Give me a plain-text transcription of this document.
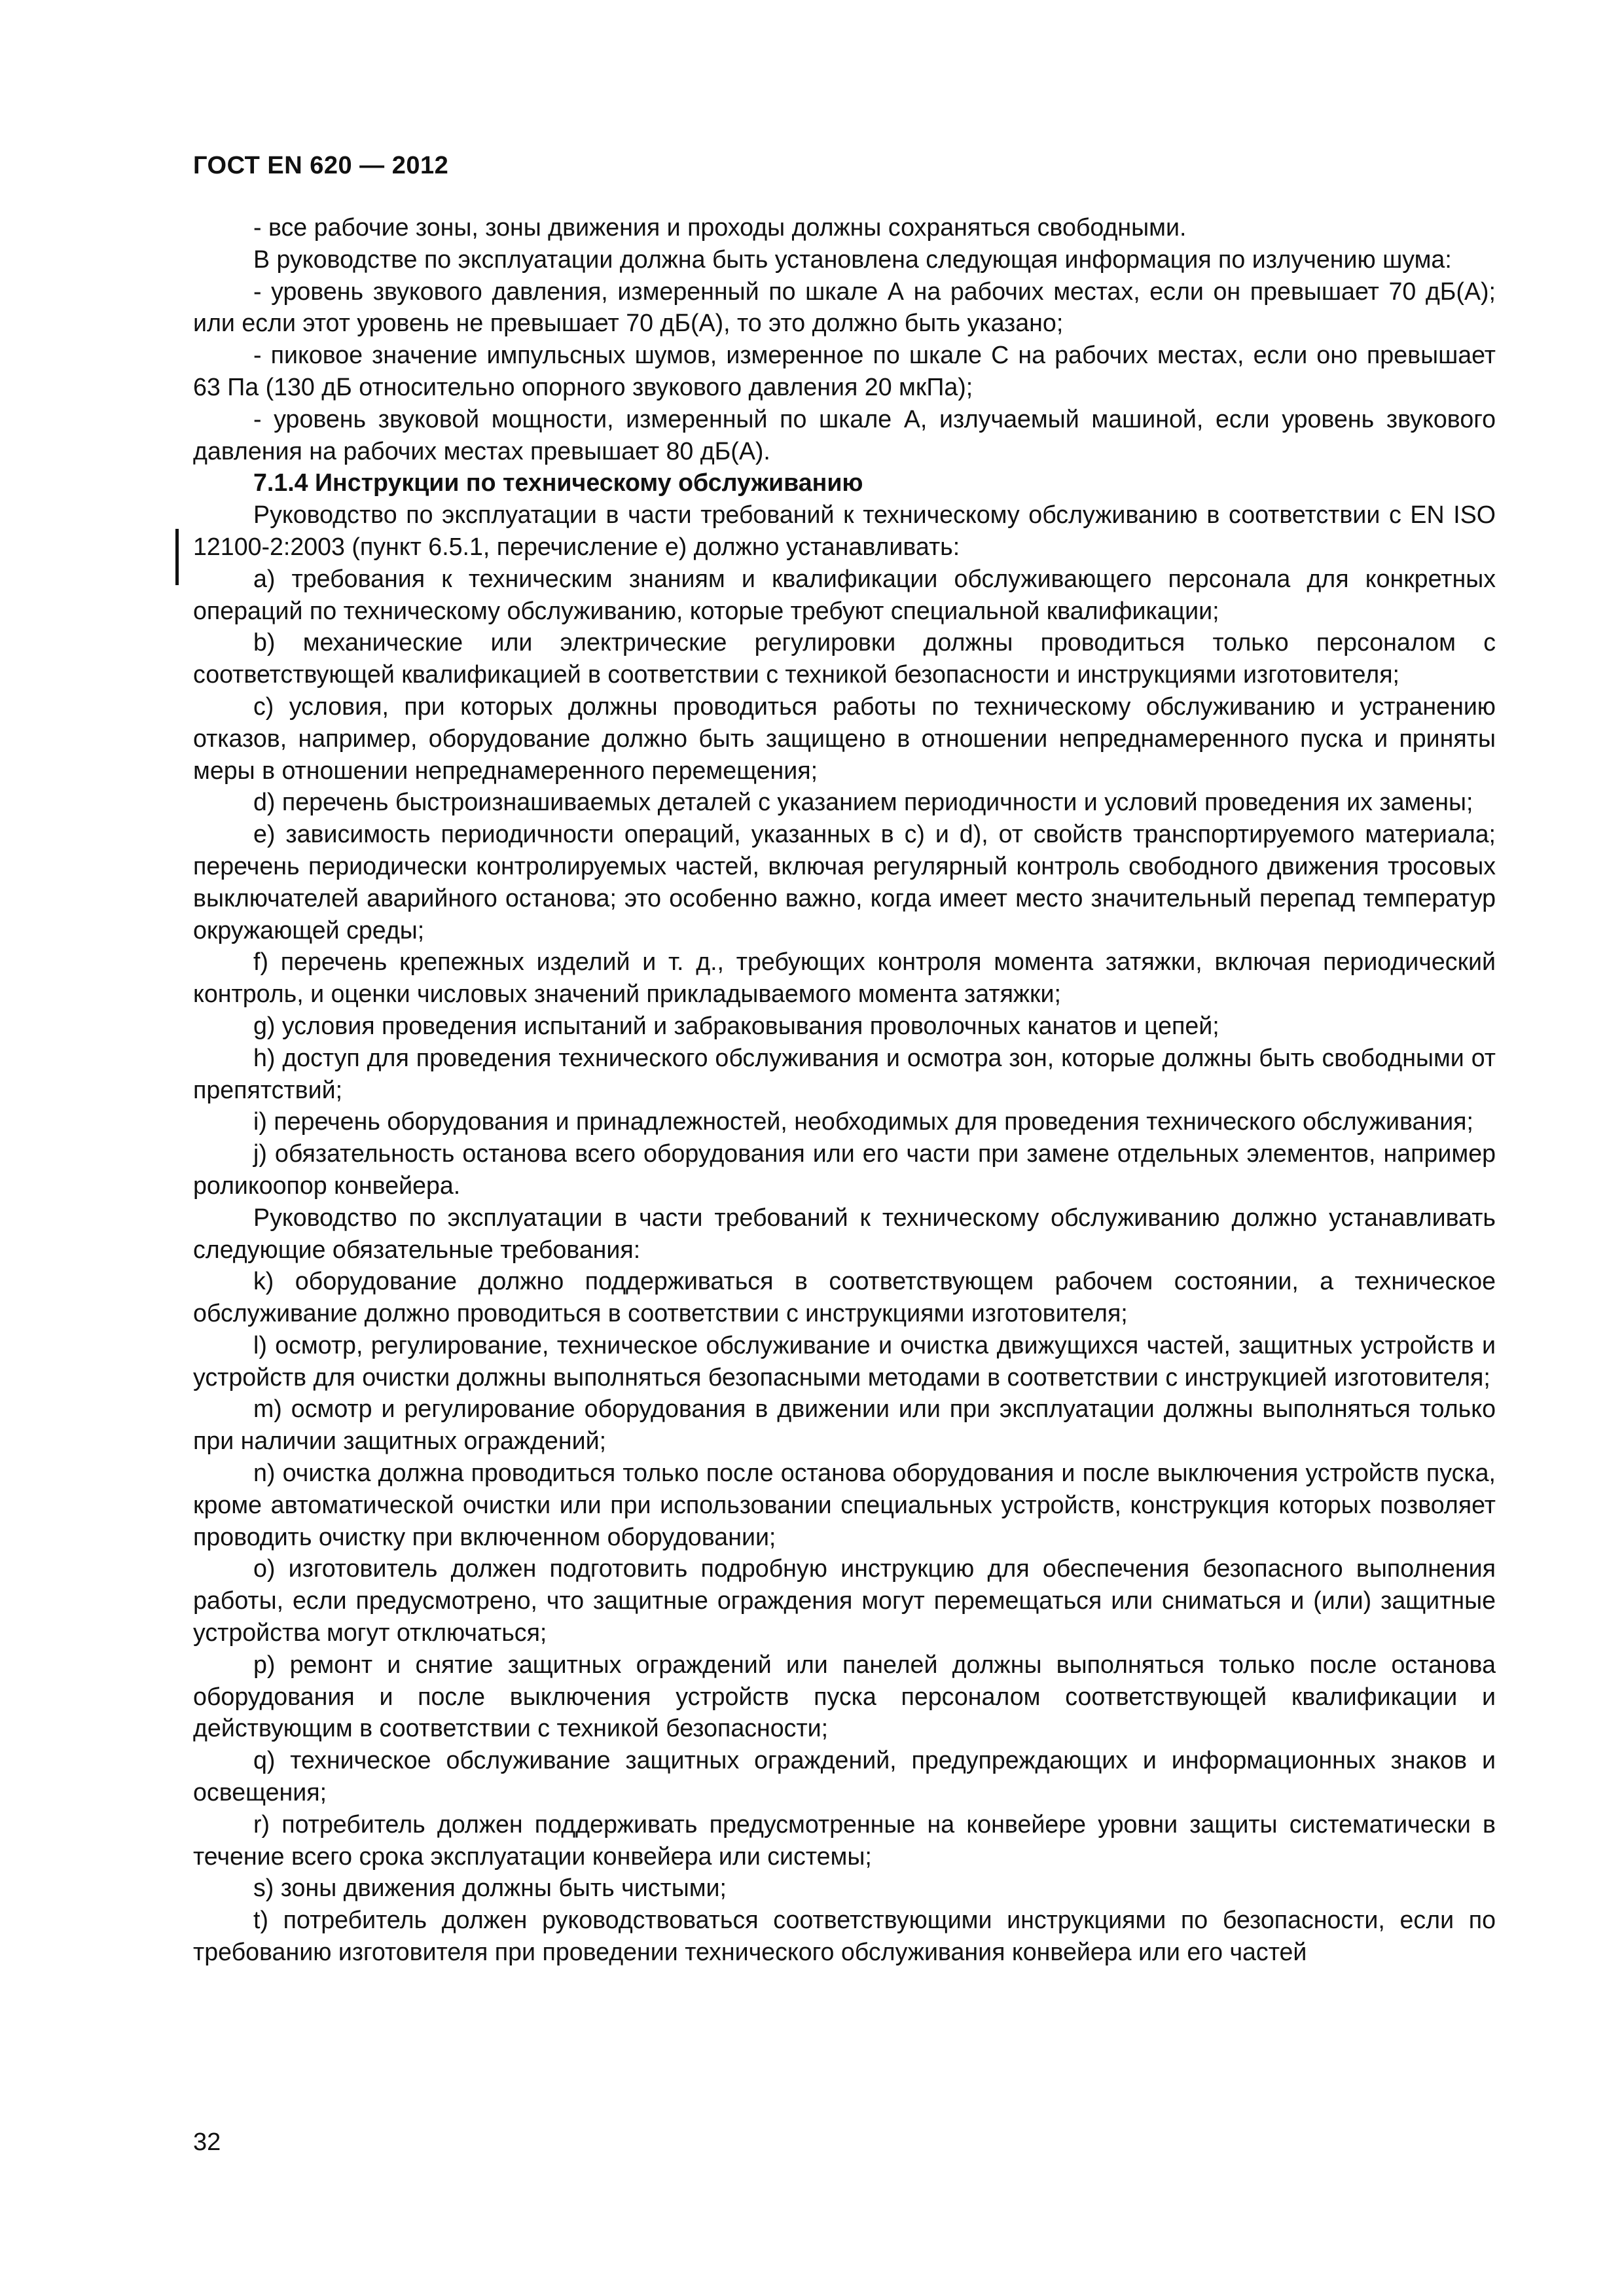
ГОСТ EN 620 — 2012

- все рабочие зоны, зоны движения и проходы должны сохраняться свободными.

В руководстве по эксплуатации должна быть установлена следующая информация по излучению шума:

- уровень звукового давления, измеренный по шкале А на рабочих местах, если он превышает 70 дБ(А); или если этот уровень не превышает 70 дБ(А), то это должно быть указано;

- пиковое значение импульсных шумов, измеренное по шкале С на рабочих местах, если оно превышает 63 Па (130 дБ относительно опорного звукового давления 20 мкПа);

- уровень звуковой мощности, измеренный по шкале А, излучаемый машиной, если уровень звукового давления на рабочих местах превышает 80 дБ(А).

7.1.4 Инструкции по техническому обслуживанию

Руководство по эксплуатации в части требований к техническому обслуживанию в соответствии с EN ISO 12100-2:2003 (пункт 6.5.1, перечисление е) должно устанавливать:

а) требования к техническим знаниям и квалификации обслуживающего персонала для конкретных операций по техническому обслуживанию, которые требуют специальной квалификации;

b) механические или электрические регулировки должны проводиться только персоналом с соответствующей квалификацией в соответствии с техникой безопасности и инструкциями изготовителя;

c) условия, при которых должны проводиться работы по техническому обслуживанию и устранению отказов, например, оборудование должно быть защищено в отношении непреднамеренного пуска и приняты меры в отношении непреднамеренного перемещения;

d) перечень быстроизнашиваемых деталей с указанием периодичности и условий проведения их замены;

e) зависимость периодичности операций, указанных в c) и d), от свойств транспортируемого материала; перечень периодически контролируемых частей, включая регулярный контроль свободного движения тросовых выключателей аварийного останова; это особенно важно, когда имеет место значительный перепад температур окружающей среды;

f) перечень крепежных изделий и т. д., требующих контроля момента затяжки, включая периодический контроль, и оценки числовых значений прикладываемого момента затяжки;

g) условия проведения испытаний и забраковывания проволочных канатов и цепей;

h) доступ для проведения технического обслуживания и осмотра зон, которые должны быть свободными от препятствий;

i) перечень оборудования и принадлежностей, необходимых для проведения технического обслуживания;

j) обязательность останова всего оборудования или его части при замене отдельных элементов, например роликоопор конвейера.

Руководство по эксплуатации в части требований к техническому обслуживанию должно устанавливать следующие обязательные требования:

k) оборудование должно поддерживаться в соответствующем рабочем состоянии, а техническое обслуживание должно проводиться в соответствии с инструкциями изготовителя;

l) осмотр, регулирование, техническое обслуживание и очистка движущихся частей, защитных устройств и устройств для очистки должны выполняться безопасными методами в соответствии с инструкцией изготовителя;

m) осмотр и регулирование оборудования в движении или при эксплуатации должны выполняться только при наличии защитных ограждений;

n) очистка должна проводиться только после останова оборудования и после выключения устройств пуска, кроме автоматической очистки или при использовании специальных устройств, конструкция которых позволяет проводить очистку при включенном оборудовании;

o) изготовитель должен подготовить подробную инструкцию для обеспечения безопасного выполнения работы, если предусмотрено, что защитные ограждения могут перемещаться или сниматься и (или) защитные устройства могут отключаться;

p) ремонт и снятие защитных ограждений или панелей должны выполняться только после останова оборудования и после выключения устройств пуска персоналом соответствующей квалификации и действующим в соответствии с техникой безопасности;

q) техническое обслуживание защитных ограждений, предупреждающих и информационных знаков и освещения;

r) потребитель должен поддерживать предусмотренные на конвейере уровни защиты систематически в течение всего срока эксплуатации конвейера или системы;

s) зоны движения должны быть чистыми;

t) потребитель должен руководствоваться соответствующими инструкциями по безопасности, если по требованию изготовителя при проведении технического обслуживания конвейера или его частей

32
